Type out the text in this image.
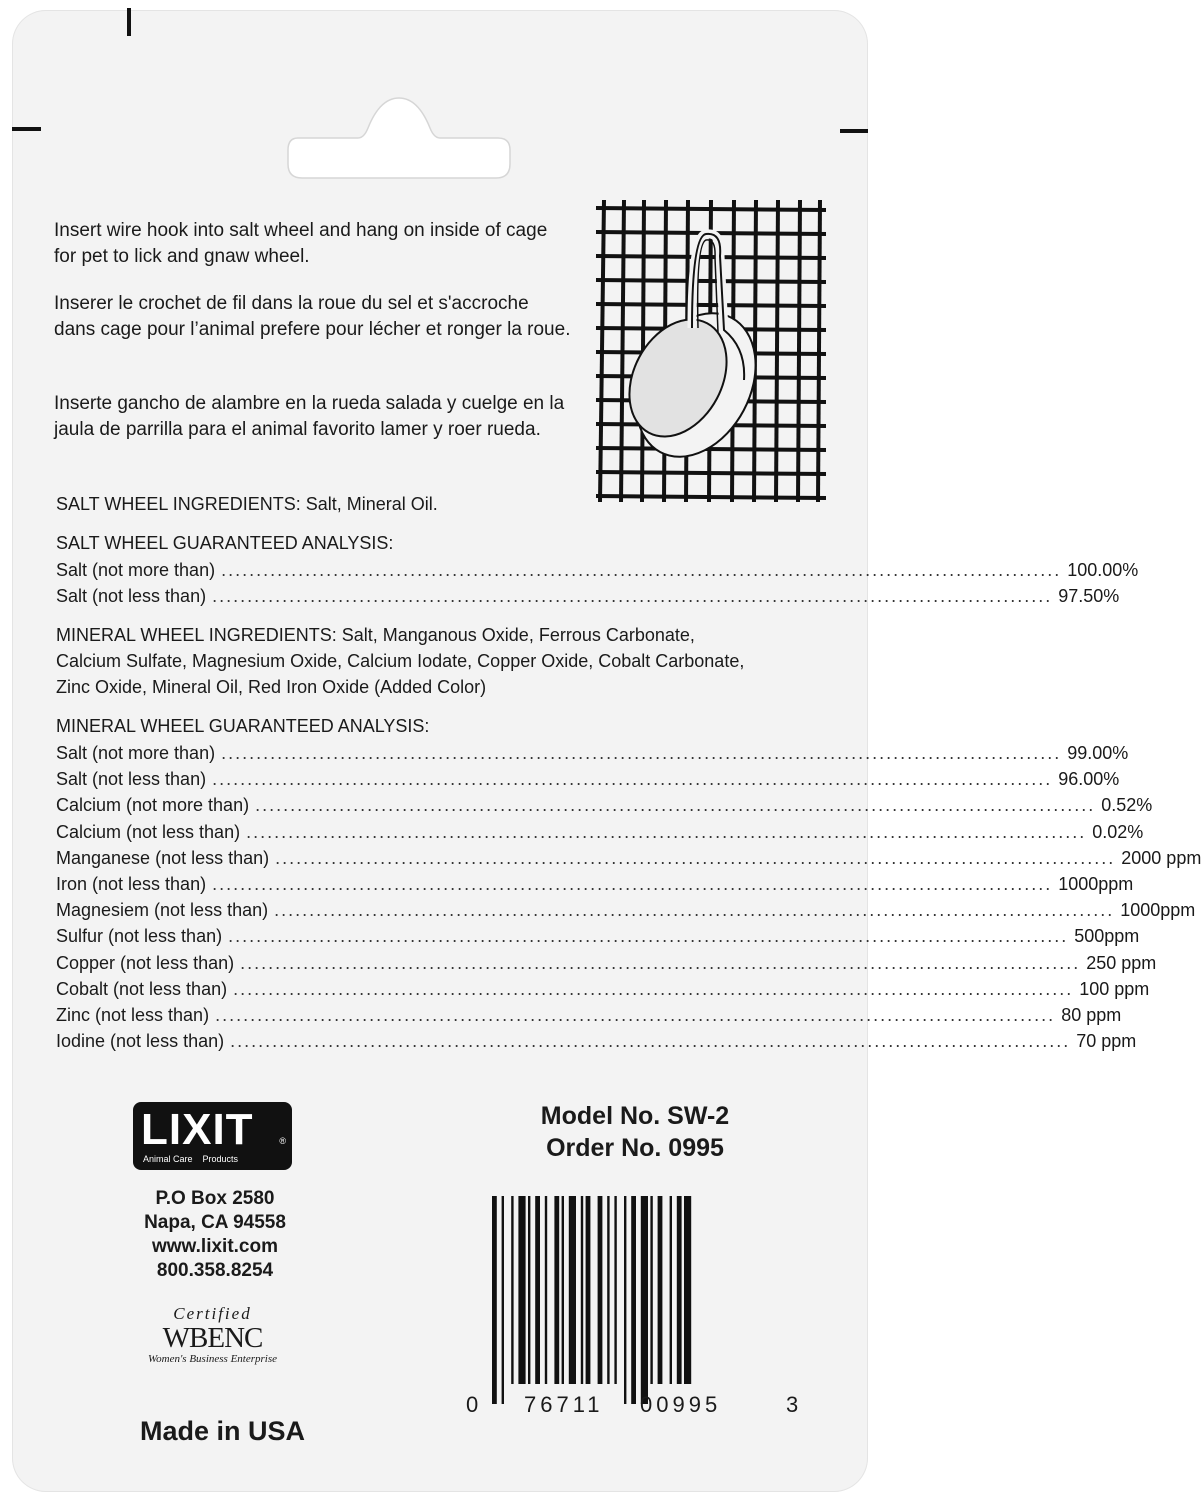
Insert wire hook into salt wheel and hang on inside of cage for pet to lick and gnaw wheel.
Inserer le crochet de fil dans la roue du sel et s'accroche dans cage pour l’animal prefere pour lécher et ronger la roue.
Inserte gancho de alambre en la rueda salada y cuelge en la jaula de parrilla para el animal favorito lamer y roer rueda.
SALT WHEEL INGREDIENTS: Salt, Mineral Oil.
SALT WHEEL GUARANTEED ANALYSIS:
Salt (not more than) ........................................................................................................................ 100.00%
Salt (not less than) ........................................................................................................................ 97.50%
MINERAL WHEEL INGREDIENTS: Salt, Manganous Oxide, Ferrous Carbonate,
Calcium Sulfate, Magnesium Oxide, Calcium Iodate, Copper Oxide, Cobalt Carbonate,
Zinc Oxide, Mineral Oil, Red Iron Oxide (Added Color)
MINERAL WHEEL GUARANTEED ANALYSIS:
Salt (not more than) ........................................................................................................................ 99.00%
Salt (not less than) ........................................................................................................................ 96.00%
Calcium (not more than) ........................................................................................................................ 0.52%
Calcium (not less than) ........................................................................................................................ 0.02%
Manganese (not less than) ........................................................................................................................ 2000 ppm
Iron (not less than) ........................................................................................................................ 1000ppm
Magnesiem (not less than) ........................................................................................................................ 1000ppm
Sulfur (not less than) ........................................................................................................................ 500ppm
Copper (not less than) ........................................................................................................................ 250 ppm
Cobalt (not less than) ........................................................................................................................ 100 ppm
Zinc (not less than) ........................................................................................................................ 80 ppm
Iodine (not less than) ........................................................................................................................ 70 ppm
LIXIT	®
Animal Care    Products
P.O Box 2580
Napa, CA 94558
www.lixit.com
800.358.8254
Certified
WBENC
Women's Business Enterprise
Made in USA
Model No. SW-2
Order No. 0995
0 76711 00995	3
